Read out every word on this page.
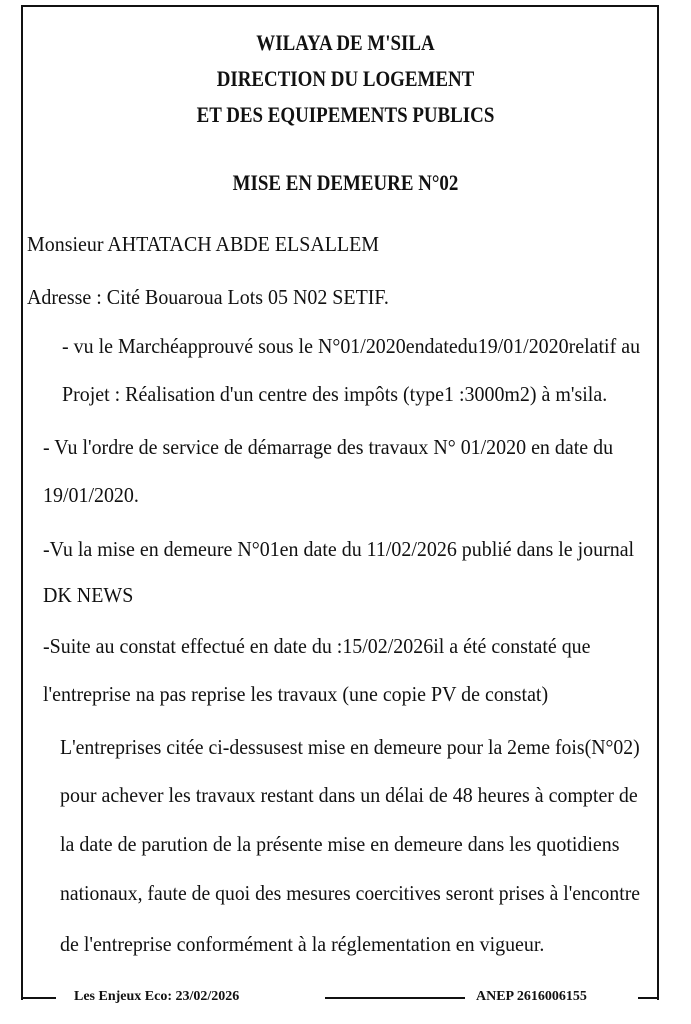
WILAYA DE M'SILA
DIRECTION DU LOGEMENT
ET DES EQUIPEMENTS PUBLICS
MISE EN DEMEURE N°02
Monsieur AHTATACH ABDE ELSALLEM
Adresse : Cité Bouaroua Lots 05 N02 SETIF.
- vu le Marchéapprouvé sous le N°01/2020endatedu19/01/2020relatif au
Projet : Réalisation d'un centre des impôts (type1 :3000m2) à m'sila.
- Vu l'ordre de service de démarrage des travaux N° 01/2020 en date du
19/01/2020.
-Vu la mise en demeure N°01en date du 11/02/2026 publié dans le journal
DK NEWS
-Suite au constat effectué en date du :15/02/2026il a été constaté que
l'entreprise na pas reprise les travaux (une copie PV de constat)
L'entreprises citée ci-dessusest mise en demeure pour la 2eme fois(N°02)
pour achever les travaux restant dans un délai de 48 heures à compter de
la date de parution de la présente mise en demeure dans les quotidiens
nationaux, faute de quoi des mesures coercitives seront prises à l'encontre
de l'entreprise conformément à la réglementation en vigueur.
Les Enjeux Eco: 23/02/2026	ANEP 2616006155
